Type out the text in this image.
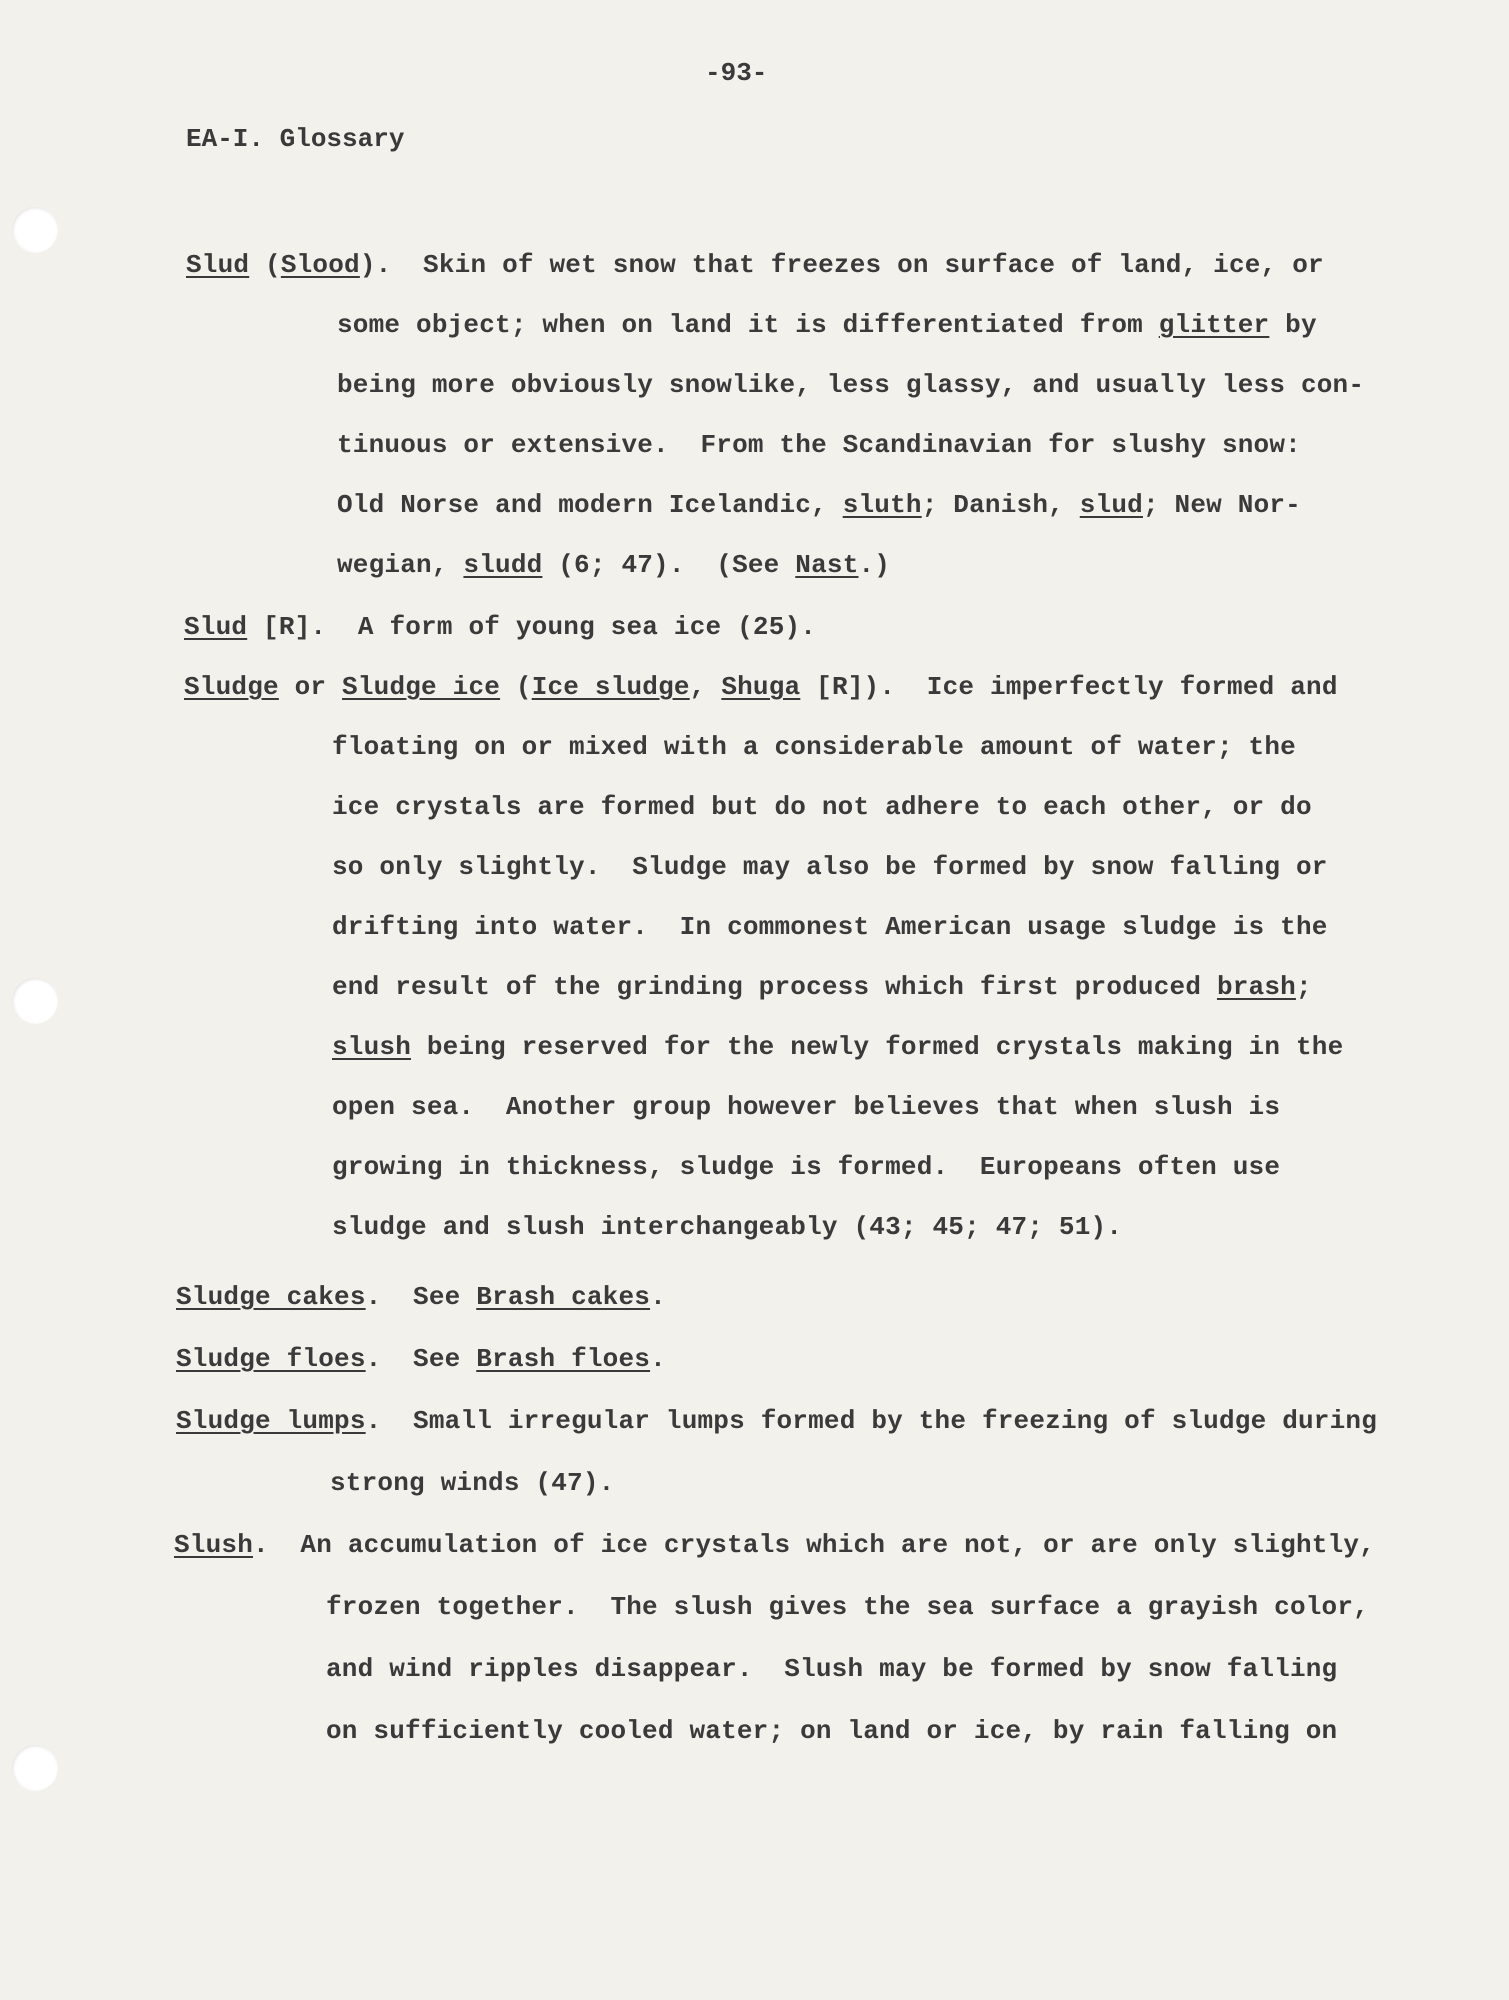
-93-
EA-I. Glossary
Slud (Slood).  Skin of wet snow that freezes on surface of land, ice, or
some object; when on land it is differentiated from glitter by
being more obviously snowlike, less glassy, and usually less con-
tinuous or extensive.  From the Scandinavian for slushy snow:
Old Norse and modern Icelandic, sluth; Danish, slud; New Nor-
wegian, sludd (6; 47).  (See Nast.)
Slud [R].  A form of young sea ice (25).
Sludge or Sludge ice (Ice sludge, Shuga [R]).  Ice imperfectly formed and
floating on or mixed with a considerable amount of water; the
ice crystals are formed but do not adhere to each other, or do
so only slightly.  Sludge may also be formed by snow falling or
drifting into water.  In commonest American usage sludge is the
end result of the grinding process which first produced brash;
slush being reserved for the newly formed crystals making in the
open sea.  Another group however believes that when slush is
growing in thickness, sludge is formed.  Europeans often use
sludge and slush interchangeably (43; 45; 47; 51).
Sludge cakes.  See Brash cakes.
Sludge floes.  See Brash floes.
Sludge lumps.  Small irregular lumps formed by the freezing of sludge during
strong winds (47).
Slush.  An accumulation of ice crystals which are not, or are only slightly,
frozen together.  The slush gives the sea surface a grayish color,
and wind ripples disappear.  Slush may be formed by snow falling
on sufficiently cooled water; on land or ice, by rain falling on
